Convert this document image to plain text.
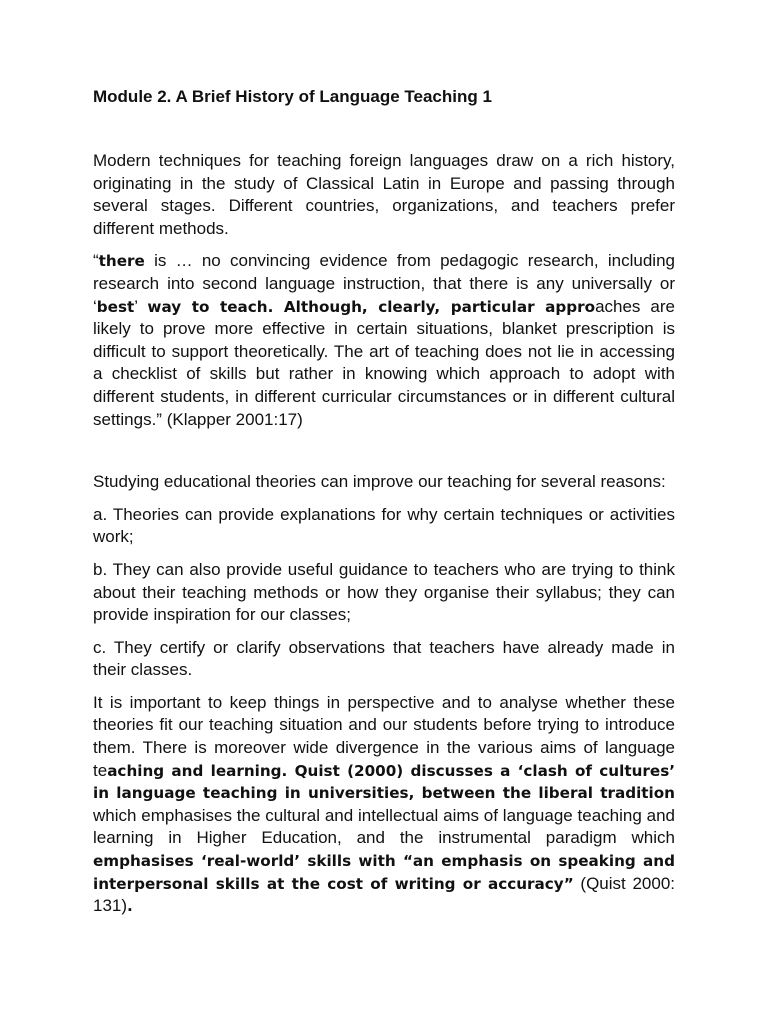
Module 2. A Brief History of Language Teaching 1

Modern techniques for teaching foreign languages draw on a rich history, originating in the study of Classical Latin in Europe and passing through several stages. Different countries, organizations, and teachers prefer different methods.

“there is … no convincing evidence from pedagogic research, including research into second language instruction, that there is any universally or ‘best’ way to teach. Although, clearly, particular approaches are likely to prove more effective in certain situations, blanket prescription is difficult to support theoretically. The art of teaching does not lie in accessing a checklist of skills but rather in knowing which approach to adopt with different students, in different curricular circumstances or in different cultural settings.” (Klapper 2001:17)

Studying educational theories can improve our teaching for several reasons:

a. Theories can provide explanations for why certain techniques or activities work;

b. They can also provide useful guidance to teachers who are trying to think about their teaching methods or how they organise their syllabus; they can provide inspiration for our classes;

c. They certify or clarify observations that teachers have already made in their classes.

It is important to keep things in perspective and to analyse whether these theories fit our teaching situation and our students before trying to introduce them. There is moreover wide divergence in the various aims of language teaching and learning. Quist (2000) discusses a ‘clash of cultures’ in language teaching in universities, between the liberal tradition which emphasises the cultural and intellectual aims of language teaching and learning in Higher Education, and the instrumental paradigm which emphasises ‘real-world’ skills with “an emphasis on speaking and interpersonal skills at the cost of writing or accuracy” (Quist 2000: 131).
